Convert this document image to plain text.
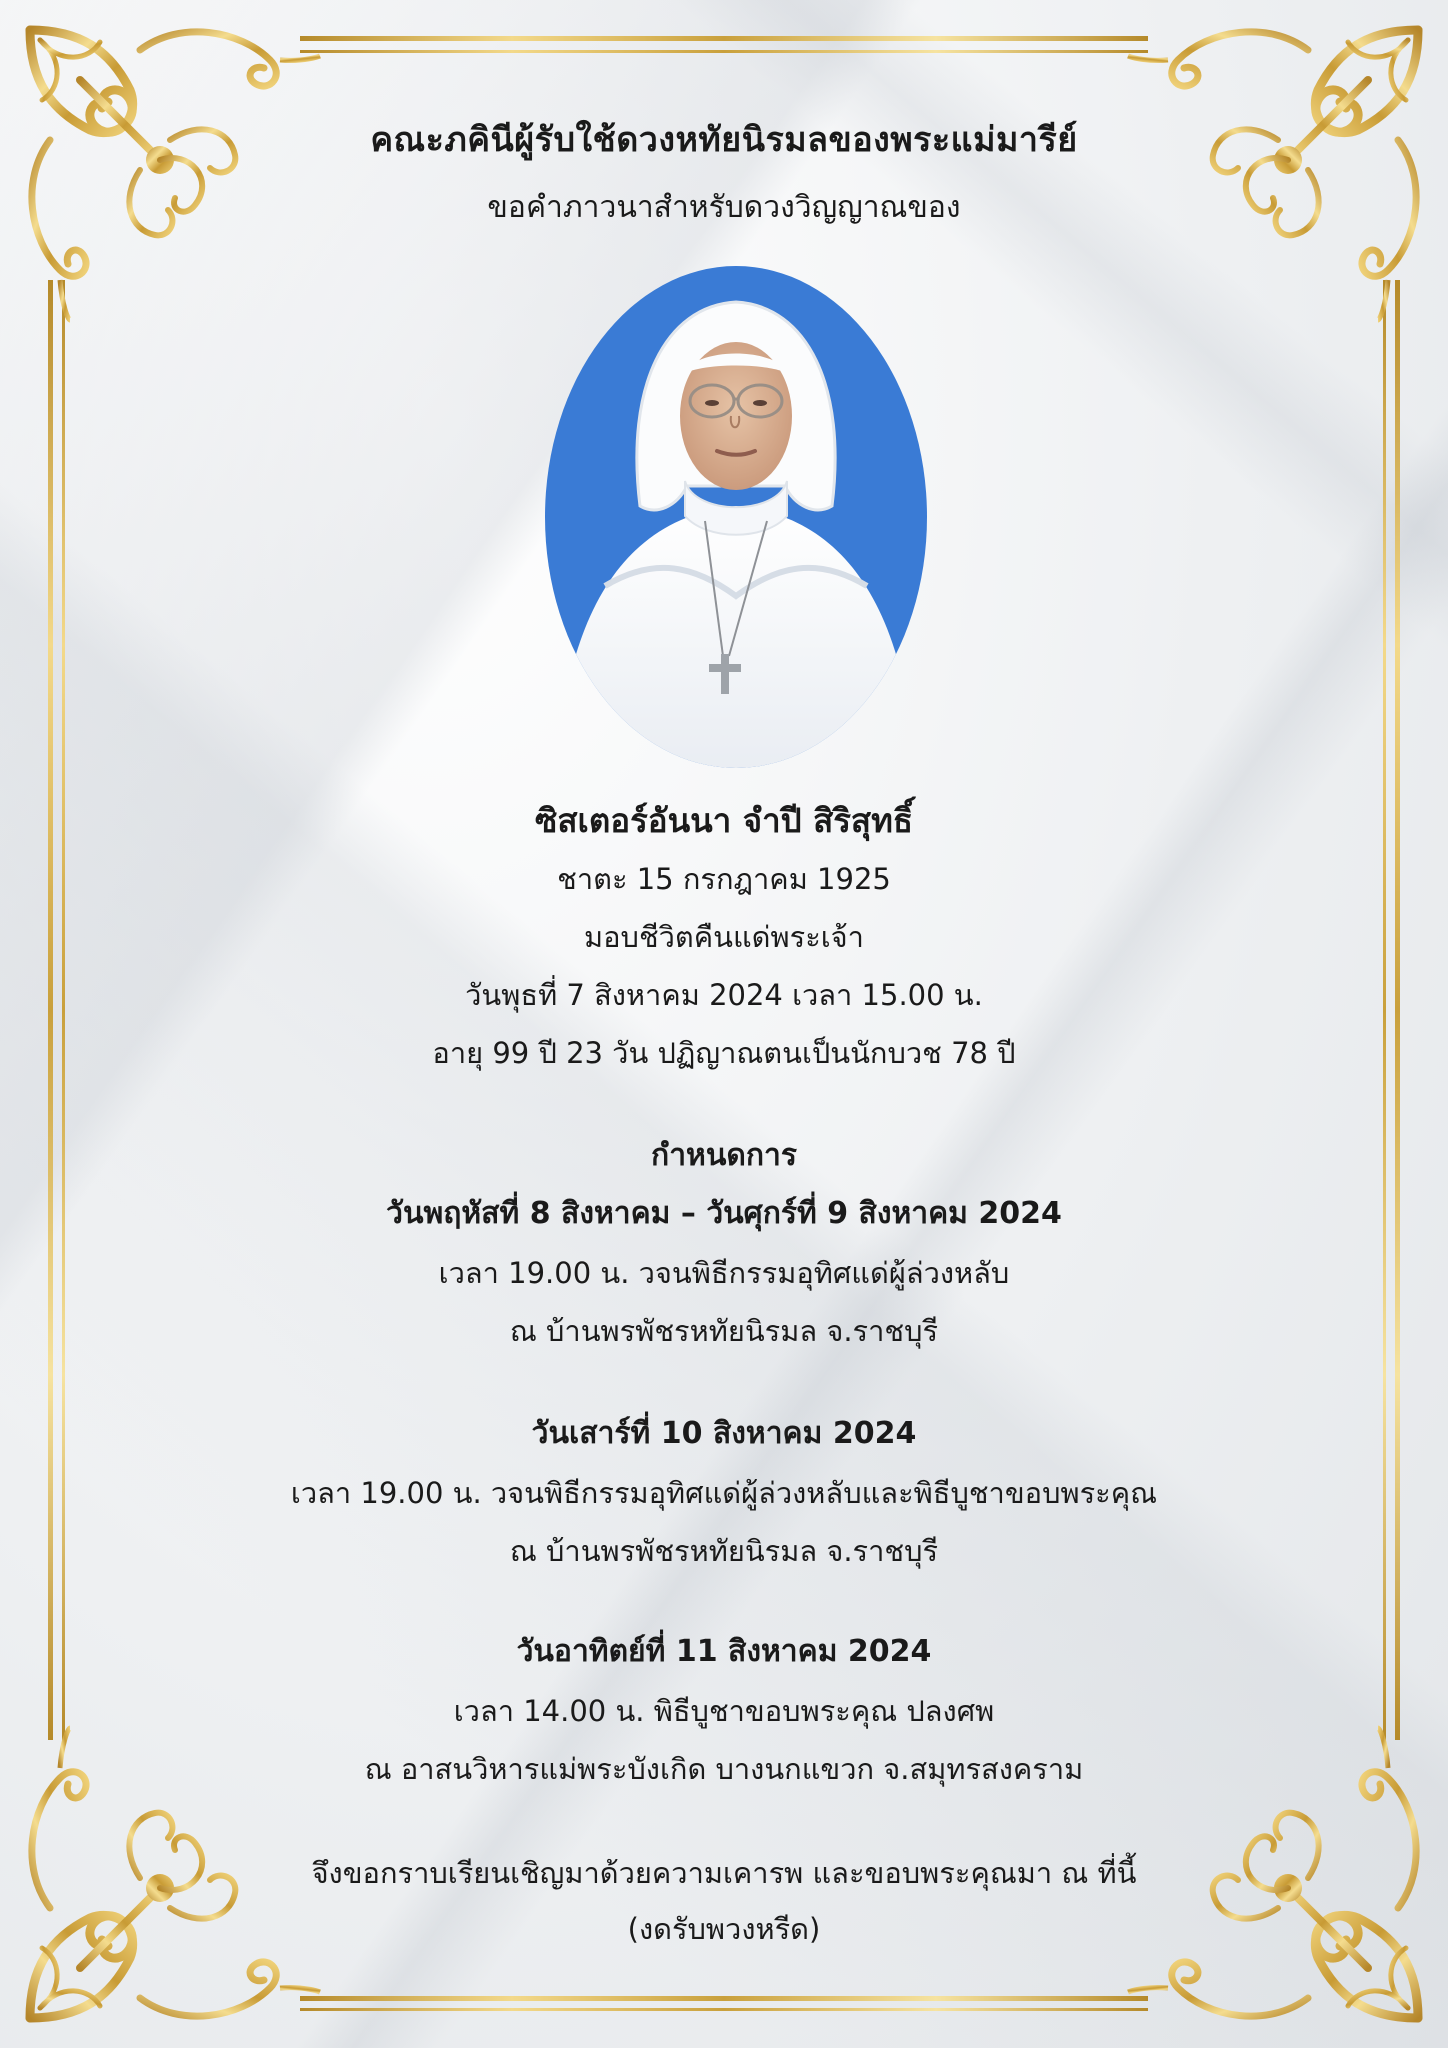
คณะภคินีผู้รับใช้ดวงหทัยนิรมลของพระแม่มารีย์
ขอคำภาวนาสำหรับดวงวิญญาณของ
ซิสเตอร์อันนา จำปี สิริสุทธิ์
ชาตะ 15 กรกฎาคม 1925
มอบชีวิตคืนแด่พระเจ้า
วันพุธที่ 7 สิงหาคม 2024 เวลา 15.00 น.
อายุ 99 ปี 23 วัน ปฏิญาณตนเป็นนักบวช 78 ปี
กำหนดการ
วันพฤหัสที่ 8 สิงหาคม – วันศุกร์ที่ 9 สิงหาคม 2024
เวลา 19.00 น. วจนพิธีกรรมอุทิศแด่ผู้ล่วงหลับ
ณ บ้านพรพัชรหทัยนิรมล จ.ราชบุรี
วันเสาร์ที่ 10 สิงหาคม 2024
เวลา 19.00 น. วจนพิธีกรรมอุทิศแด่ผู้ล่วงหลับและพิธีบูชาขอบพระคุณ
ณ บ้านพรพัชรหทัยนิรมล จ.ราชบุรี
วันอาทิตย์ที่ 11 สิงหาคม 2024
เวลา 14.00 น. พิธีบูชาขอบพระคุณ ปลงศพ
ณ อาสนวิหารแม่พระบังเกิด บางนกแขวก จ.สมุทรสงคราม
จึงขอกราบเรียนเชิญมาด้วยความเคารพ และขอบพระคุณมา ณ ที่นี้
(งดรับพวงหรีด)
